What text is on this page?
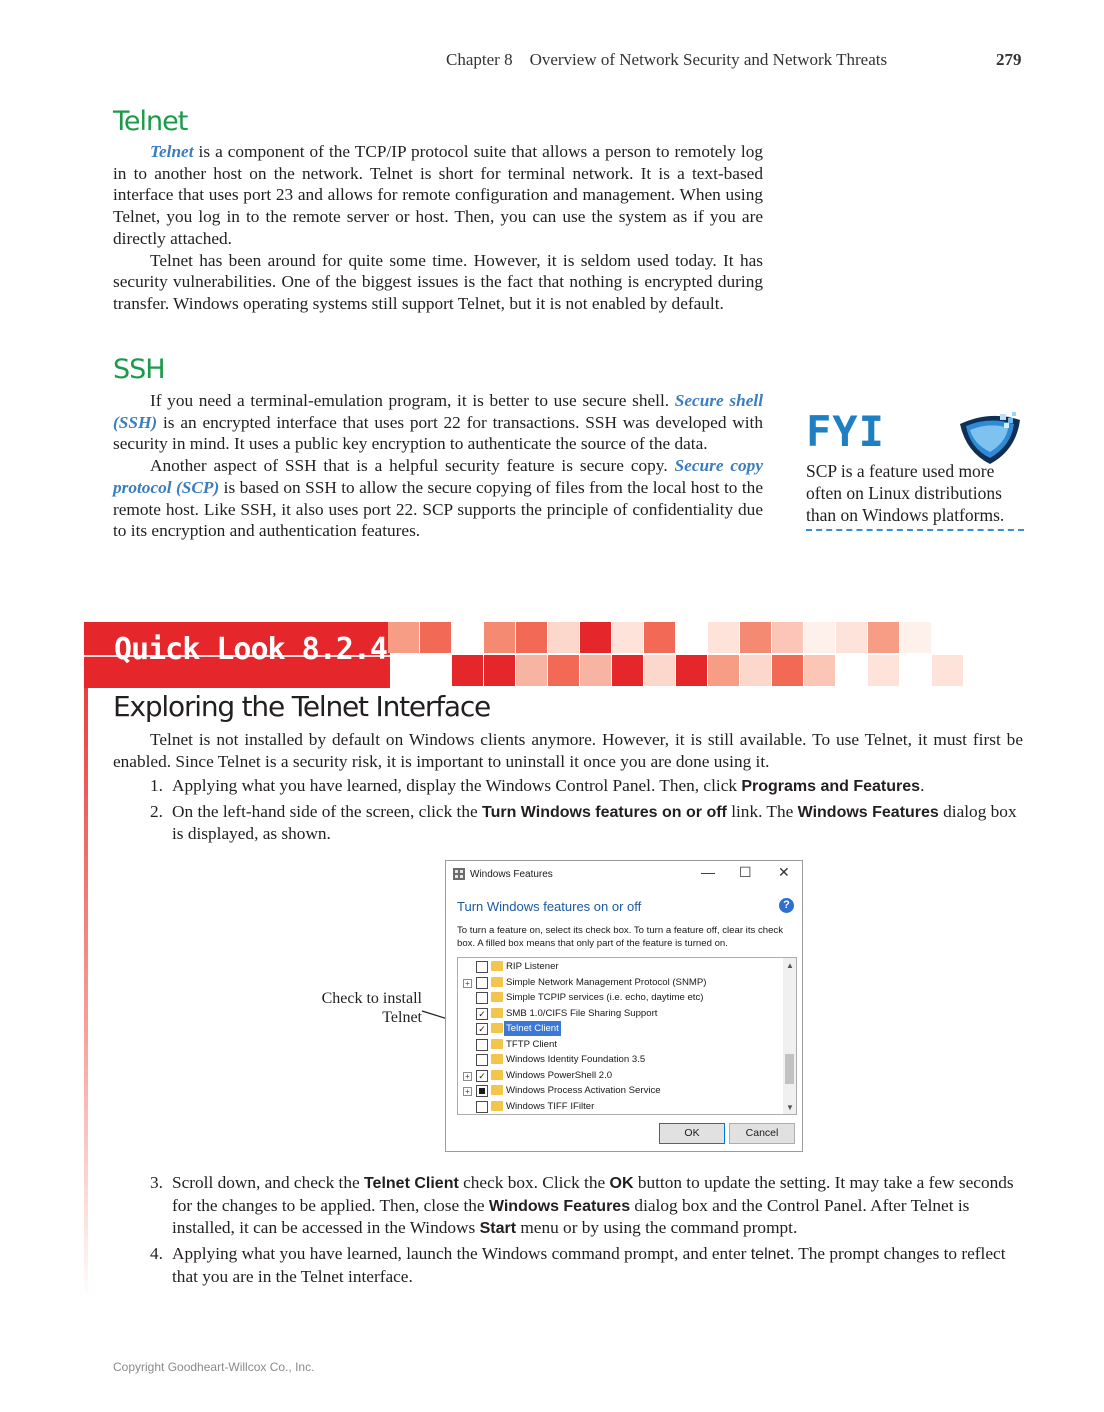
Chapter 8    Overview of Network Security and Network Threats	279
Telnet

Telnet is a component of the TCP/IP protocol suite that allows a person to remotely log in to another host on the network. Telnet is short for terminal network. It is a text-based interface that uses port 23 and allows for remote configuration and management. When using Telnet, you log in to the remote server or host. Then, you can use the system as if you are directly attached.

Telnet has been around for quite some time. However, it is seldom used today. It has security vulnerabilities. One of the biggest issues is the fact that nothing is encrypted during transfer. Windows operating systems still support Telnet, but it is not enabled by default.

SSH

If you need a terminal-emulation program, it is better to use secure shell. Secure shell (SSH) is an encrypted interface that uses port 22 for transactions. SSH was developed with security in mind. It uses a public key encryption to authenticate the source of the data.

Another aspect of SSH that is a helpful security feature is secure copy. Secure copy protocol (SCP) is based on SSH to allow the secure copying of files from the local host to the remote host. Like SSH, it also uses port 22. SCP supports the principle of confidentiality due to its encryption and authentication features.

FYI
SCP is a feature used more often on Linux distributions than on Windows platforms.
Quick Look 8.2.4
Exploring the Telnet Interface

Telnet is not installed by default on Windows clients anymore. However, it is still available. To use Telnet, it must first be enabled. Since Telnet is a security risk, it is important to uninstall it once you are done using it.

1. Applying what you have learned, display the Windows Control Panel. Then, click Programs and Features.
2. On the left-hand side of the screen, click the Turn Windows features on or off link. The Windows Features dialog box is displayed, as shown.
Check to install Telnet
Windows Features	— ☐ ✕
Turn Windows features on or off	?
To turn a feature on, select its check box. To turn a feature off, clear its check box. A filled box means that only part of the feature is turned on.
RIP Listener
+	Simple Network Management Protocol (SNMP)
Simple TCPIP services (i.e. echo, daytime etc)
✓ SMB 1.0/CIFS File Sharing Support
✓ Telnet Client
TFTP Client
Windows Identity Foundation 3.5
+ ✓ Windows PowerShell 2.0
+	Windows Process Activation Service
Windows TIFF IFilter
▲
▼
OK	Cancel
3. Scroll down, and check the Telnet Client check box. Click the OK button to update the setting. It may take a few seconds for the changes to be applied. Then, close the Windows Features dialog box and the Control Panel. After Telnet is installed, it can be accessed in the Windows Start menu or by using the command prompt.
4. Applying what you have learned, launch the Windows command prompt, and enter telnet. The prompt changes to reflect that you are in the Telnet interface.
Copyright Goodheart-Willcox Co., Inc.
